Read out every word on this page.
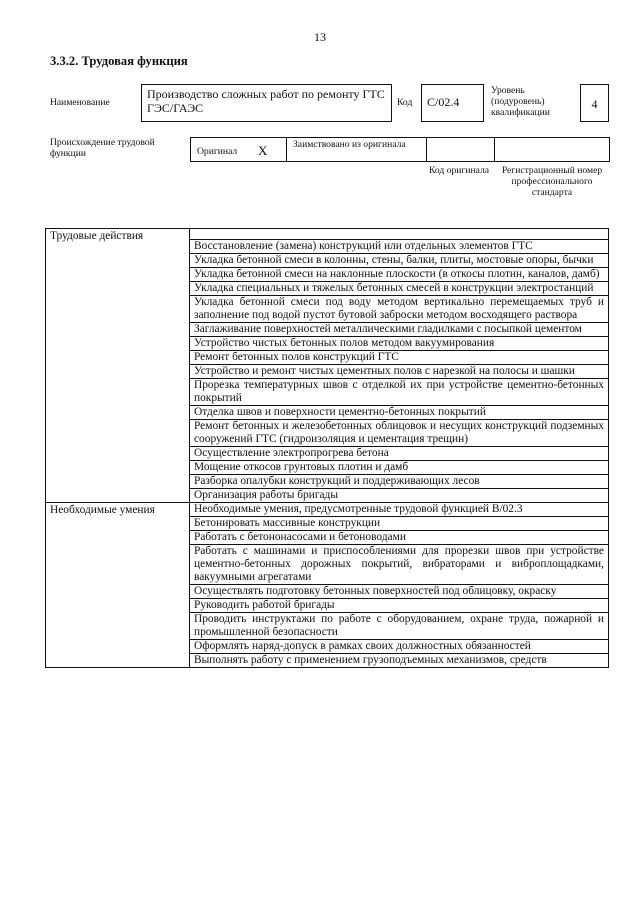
13
3.3.2. Трудовая функция
Наименование
Производство сложных работ по ремонту ГТС ГЭС/ГАЭС	Код	C/02.4
Уровень (подуровень) квалификации
4
Происхождение трудовой функции	Оригинал X	Заимствовано из оригинала
Код оригинала	Регистрационный номер профессионального стандарта
Трудовые действия	
	Восстановление (замена) конструкций или отдельных элементов ГТС
	Укладка бетонной смеси в колонны, стены, балки, плиты, мостовые опоры, бычки
	Укладка бетонной смеси на наклонные плоскости (в откосы плотин, каналов, дамб)
	Укладка специальных и тяжелых бетонных смесей в конструкции электростанций
	Укладка бетонной смеси под воду методом вертикально перемещаемых труб и заполнение под водой пустот бутовой заброски методом восходящего раствора
	Заглаживание поверхностей металлическими гладилками с посыпкой цементом
	Устройство чистых бетонных полов методом вакуумирования
	Ремонт бетонных полов конструкций ГТС
	Устройство и ремонт чистых цементных полов с нарезкой на полосы и шашки
	Прорезка температурных швов с отделкой их при устройстве цементно-бетонных покрытий
	Отделка швов и поверхности цементно-бетонных покрытий
	Ремонт бетонных и железобетонных облицовок и несущих конструкций подземных сооружений ГТС (гидроизоляция и цементация трещин)
	Осуществление электропрогрева бетона
	Мощение откосов грунтовых плотин и дамб
	Разборка опалубки конструкций и поддерживающих лесов
	Организация работы бригады
Необходимые умения	Необходимые умения, предусмотренные трудовой функцией B/02.3
	Бетонировать массивные конструкции
	Работать с бетононасосами и бетоноводами
	Работать с машинами и приспособлениями для прорезки швов при устройстве цементно-бетонных дорожных покрытий, вибраторами и виброплощадками, вакуумными агрегатами
	Осуществлять подготовку бетонных поверхностей под облицовку, окраску
	Руководить работой бригады
	Проводить инструктажи по работе с оборудованием, охране труда, пожарной и промышленной безопасности
	Оформлять наряд-допуск в рамках своих должностных обязанностей
	Выполнять работу с применением грузоподъемных механизмов, средств
